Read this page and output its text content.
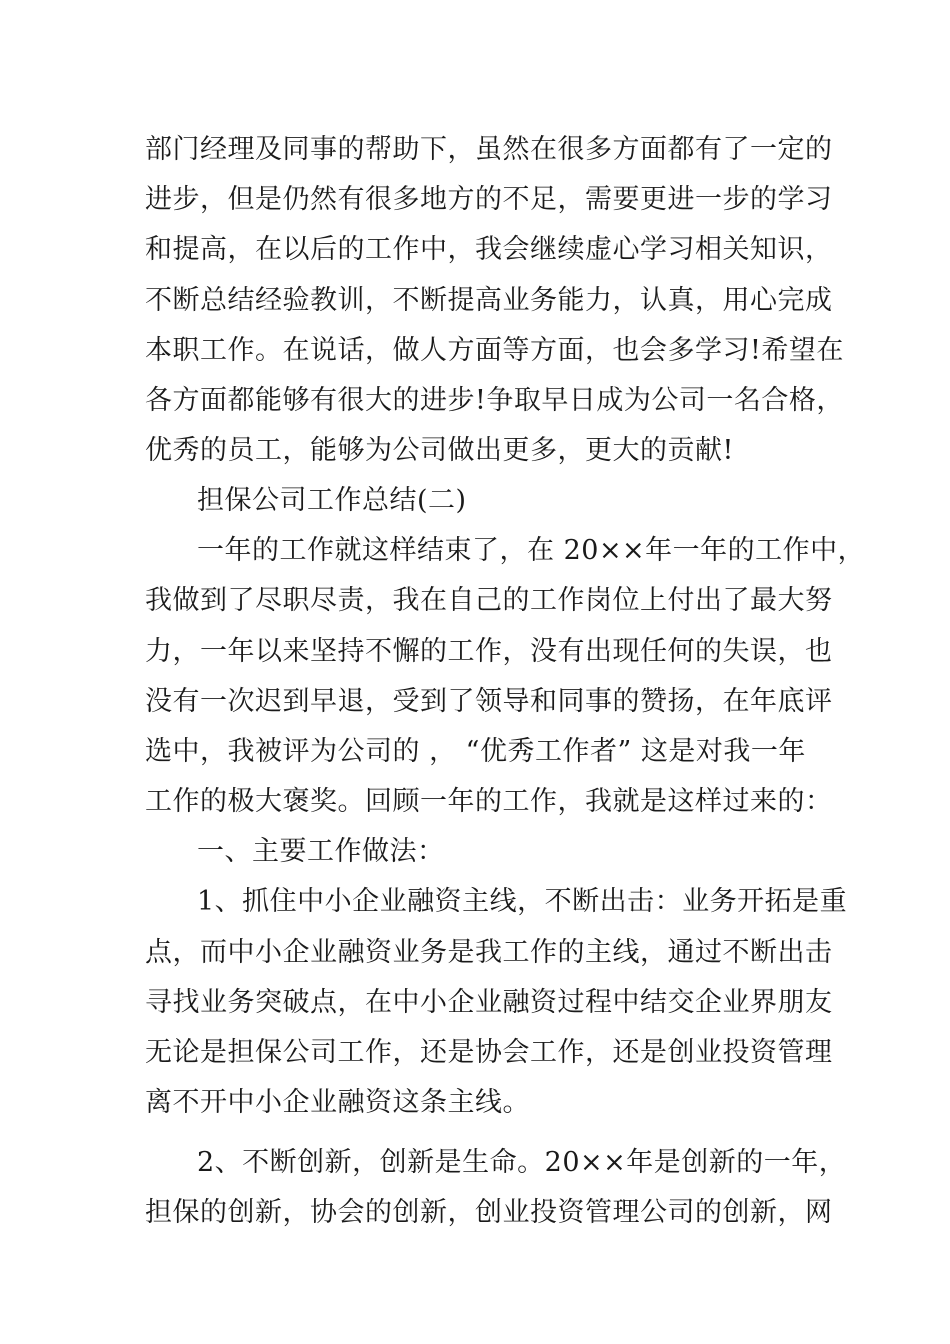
部门经理及同事的帮助下，虽然在很多方面都有了一定的
进步，但是仍然有很多地方的不足，需要更进一步的学习
和提高，在以后的工作中，我会继续虚心学习相关知识，
不断总结经验教训，不断提高业务能力，认真，用心完成
本职工作。在说话，做人方面等方面，也会多学习!希望在
各方面都能够有很大的进步!争取早日成为公司一名合格，
优秀的员工，能够为公司做出更多，更大的贡献!
担保公司工作总结(二)
一年的工作就这样结束了，在 20××年一年的工作中，
我做到了尽职尽责，我在自己的工作岗位上付出了最大努
力，一年以来坚持不懈的工作，没有出现任何的失误，也
没有一次迟到早退，受到了领导和同事的赞扬，在年底评
选中，我被评为公司的 ， “优秀工作者” 这是对我一年
工作的极大褒奖。回顾一年的工作，我就是这样过来的：
一、主要工作做法：
1、抓住中小企业融资主线，不断出击：业务开拓是重
点，而中小企业融资业务是我工作的主线，通过不断出击
寻找业务突破点，在中小企业融资过程中结交企业界朋友
无论是担保公司工作，还是协会工作，还是创业投资管理
离不开中小企业融资这条主线。
2、不断创新，创新是生命。20××年是创新的一年，
担保的创新，协会的创新，创业投资管理公司的创新，网
